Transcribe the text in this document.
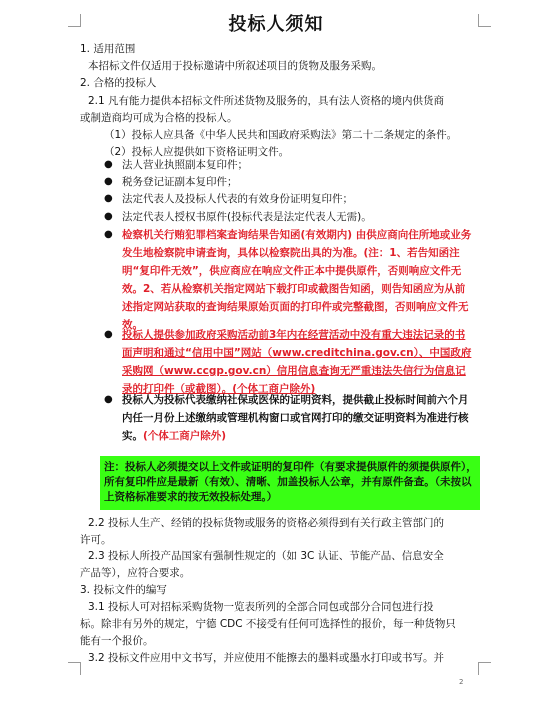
投标人须知
1. 适用范围
本招标文件仅适用于投标邀请中所叙述项目的货物及服务采购。
2. 合格的投标人
2.1 凡有能力提供本招标文件所述货物及服务的，具有法人资格的境内供货商
或制造商均可成为合格的投标人。
（1）投标人应具备《中华人民共和国政府采购法》第二十二条规定的条件。
（2）投标人应提供如下资格证明文件。
● 法人营业执照副本复印件；
● 税务登记证副本复印件；
● 法定代表人及投标人代表的有效身份证明复印件；
● 法定代表人授权书原件(投标代表是法定代表人无需)。
● 检察机关行贿犯罪档案查询结果告知函(有效期内) 由供应商向住所地或业务发生地检察院申请查询，具体以检察院出具的为准。(注：1、若告知函注明“复印件无效”，供应商应在响应文件正本中提供原件，否则响应文件无效。2、若从检察机关指定网站下载打印或截图告知函，则告知函应为从前述指定网站获取的查询结果原始页面的打印件或完整截图，否则响应文件无效。
● 投标人提供参加政府采购活动前3年内在经营活动中没有重大违法记录的书面声明和通过“信用中国”网站（www.creditchina.gov.cn）、中国政府采购网（www.ccgp.gov.cn）信用信息查询无严重违法失信行为信息记录的打印件（或截图）。(个体工商户除外)
● 投标人为投标代表缴纳社保或医保的证明资料，提供截止投标时间前六个月内任一月份上述缴纳或管理机构窗口或官网打印的缴交证明资料为准进行核实。(个体工商户除外)
注：投标人必须提交以上文件或证明的复印件（有要求提供原件的须提供原件），所有复印件应是最新（有效）、清晰、加盖投标人公章，并有原件备查。（未按以上资格标准要求的按无效投标处理。）
2.2 投标人生产、经销的投标货物或服务的资格必须得到有关行政主管部门的
许可。
2.3 投标人所投产品国家有强制性规定的（如 3C 认证、节能产品、信息安全
产品等），应符合要求。
3. 投标文件的编写
3.1 投标人可对招标采购货物一览表所列的全部合同包或部分合同包进行投
标。除非有另外的规定，宁德 CDC 不接受有任何可选择性的报价，每一种货物只
能有一个报价。
3.2 投标文件应用中文书写，并应使用不能擦去的墨料或墨水打印或书写。并
2
